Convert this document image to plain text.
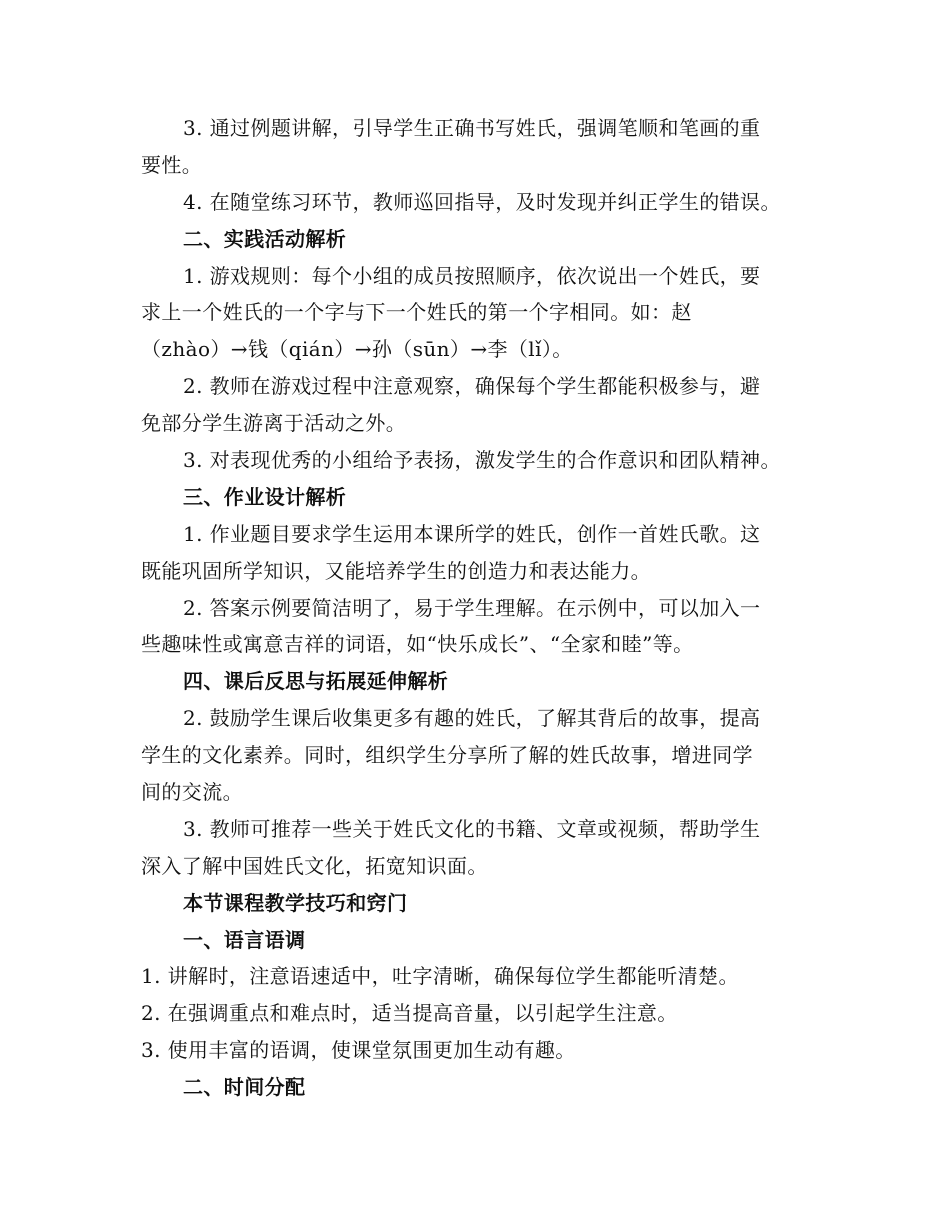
3. 通过例题讲解，引导学生正确书写姓氏，强调笔顺和笔画的重
要性。
4. 在随堂练习环节，教师巡回指导，及时发现并纠正学生的错误。
二、实践活动解析
1. 游戏规则：每个小组的成员按照顺序，依次说出一个姓氏，要
求上一个姓氏的一个字与下一个姓氏的第一个字相同。如：赵
（zhào）→钱（qián）→孙（sūn）→李（lǐ）。
2. 教师在游戏过程中注意观察，确保每个学生都能积极参与，避
免部分学生游离于活动之外。
3. 对表现优秀的小组给予表扬，激发学生的合作意识和团队精神。
三、作业设计解析
1. 作业题目要求学生运用本课所学的姓氏，创作一首姓氏歌。这
既能巩固所学知识，又能培养学生的创造力和表达能力。
2. 答案示例要简洁明了，易于学生理解。在示例中，可以加入一
些趣味性或寓意吉祥的词语，如“快乐成长”、“全家和睦”等。
四、课后反思与拓展延伸解析
2. 鼓励学生课后收集更多有趣的姓氏，了解其背后的故事，提高
学生的文化素养。同时，组织学生分享所了解的姓氏故事，增进同学
间的交流。
3. 教师可推荐一些关于姓氏文化的书籍、文章或视频，帮助学生
深入了解中国姓氏文化，拓宽知识面。
本节课程教学技巧和窍门
一、语言语调
1. 讲解时，注意语速适中，吐字清晰，确保每位学生都能听清楚。
2. 在强调重点和难点时，适当提高音量，以引起学生注意。
3. 使用丰富的语调，使课堂氛围更加生动有趣。
二、时间分配
